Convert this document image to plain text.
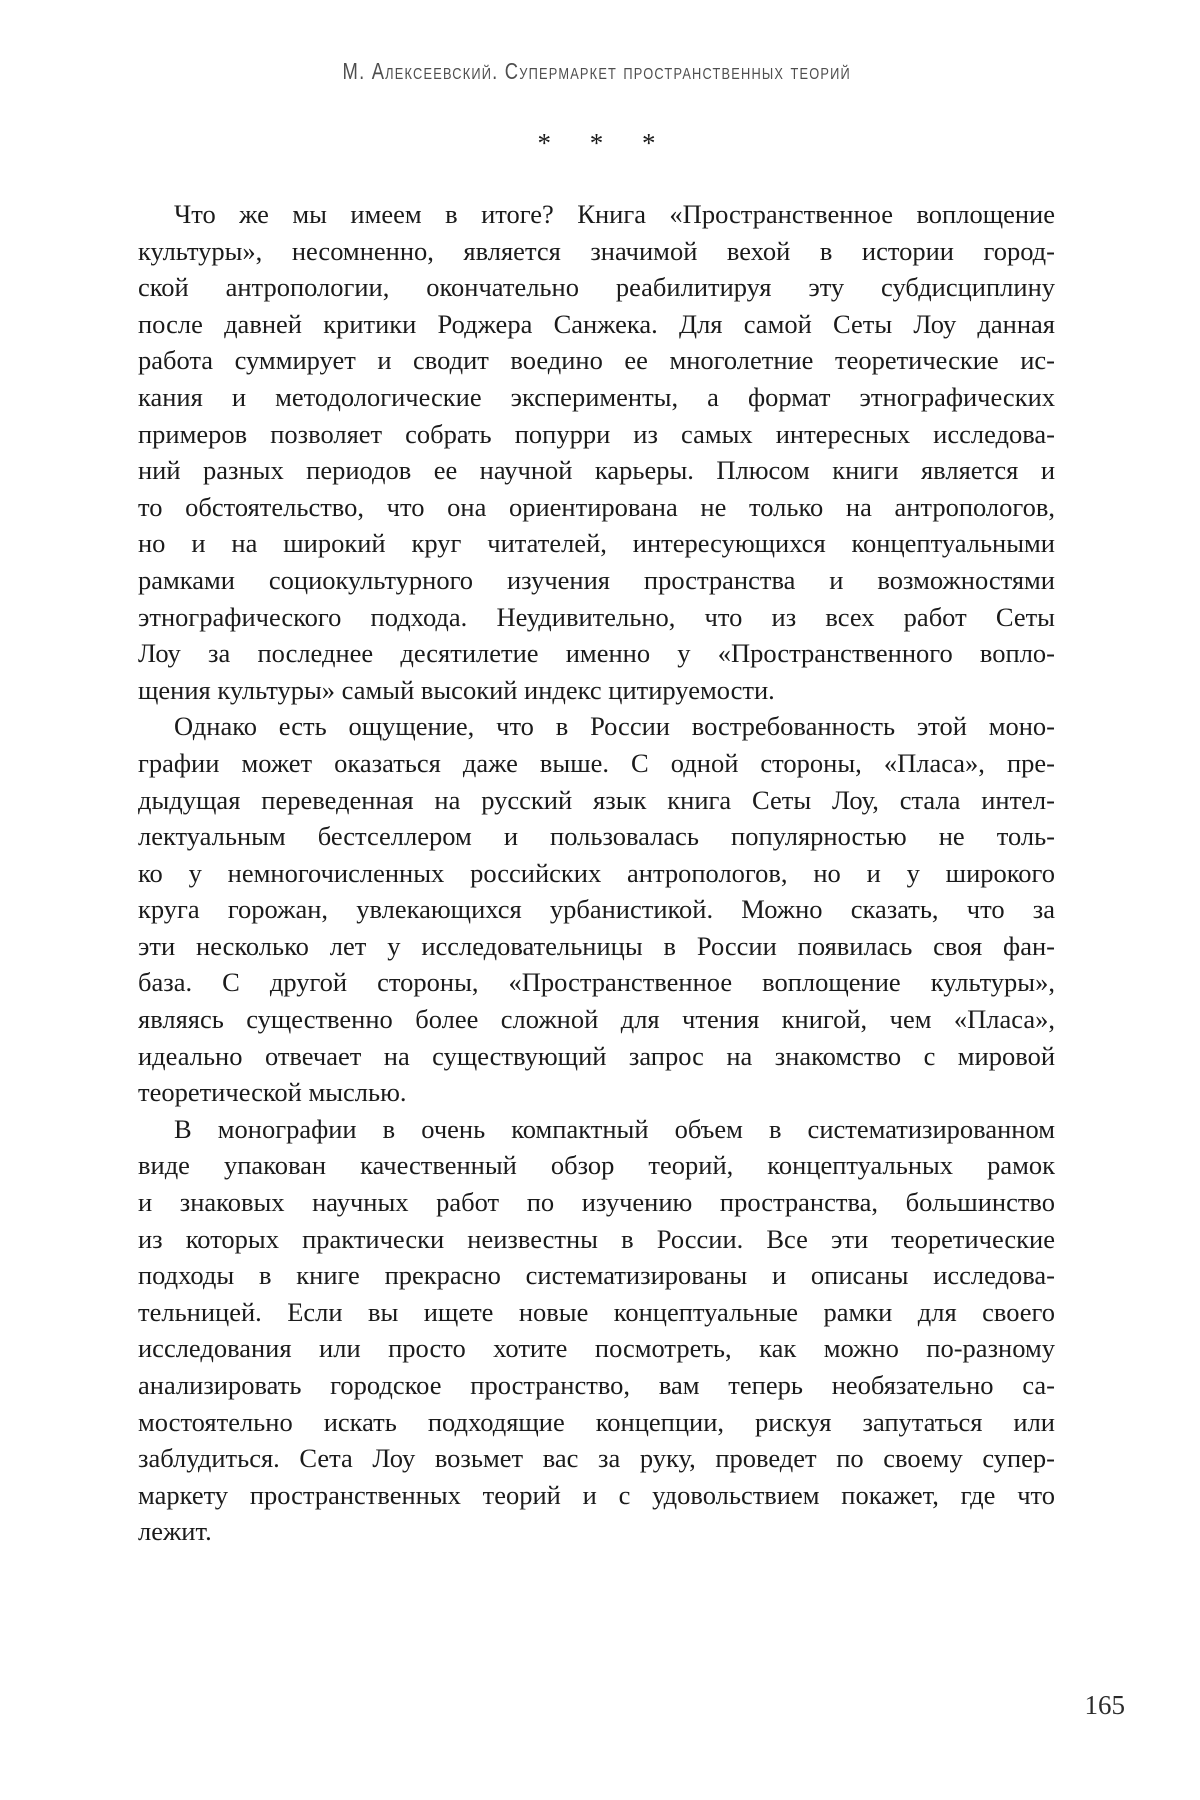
М. Алексеевский. Супермаркет пространственных теорий
* * *
Что же мы имеем в итоге? Книга «Пространственное воплощение
культуры», несомненно, является значимой вехой в истории город-
ской антропологии, окончательно реабилитируя эту субдисциплину
после давней критики Роджера Санжека. Для самой Сеты Лоу данная
работа суммирует и сводит воедино ее многолетние теоретические ис-
кания и методологические эксперименты, а формат этнографических
примеров позволяет собрать попурри из самых интересных исследова-
ний разных периодов ее научной карьеры. Плюсом книги является и
то обстоятельство, что она ориентирована не только на антропологов,
но и на широкий круг читателей, интересующихся концептуальными
рамками социокультурного изучения пространства и возможностями
этнографического подхода. Неудивительно, что из всех работ Сеты
Лоу за последнее десятилетие именно у «Пространственного вопло-
щения культуры» самый высокий индекс цитируемости.
Однако есть ощущение, что в России востребованность этой моно-
графии может оказаться даже выше. С одной стороны, «Пласа», пре-
дыдущая переведенная на русский язык книга Сеты Лоу, стала интел-
лектуальным бестселлером и пользовалась популярностью не толь-
ко у немногочисленных российских антропологов, но и у широкого
круга горожан, увлекающихся урбанистикой. Можно сказать, что за
эти несколько лет у исследовательницы в России появилась своя фан-
база. С другой стороны, «Пространственное воплощение культуры»,
являясь существенно более сложной для чтения книгой, чем «Пласа»,
идеально отвечает на существующий запрос на знакомство с мировой
теоретической мыслью.
В монографии в очень компактный объем в систематизированном
виде упакован качественный обзор теорий, концептуальных рамок
и знаковых научных работ по изучению пространства, большинство
из которых практически неизвестны в России. Все эти теоретические
подходы в книге прекрасно систематизированы и описаны исследова-
тельницей. Если вы ищете новые концептуальные рамки для своего
исследования или просто хотите посмотреть, как можно по-разному
анализировать городское пространство, вам теперь необязательно са-
мостоятельно искать подходящие концепции, рискуя запутаться или
заблудиться. Сета Лоу возьмет вас за руку, проведет по своему супер-
маркету пространственных теорий и с удовольствием покажет, где что
лежит.
165
